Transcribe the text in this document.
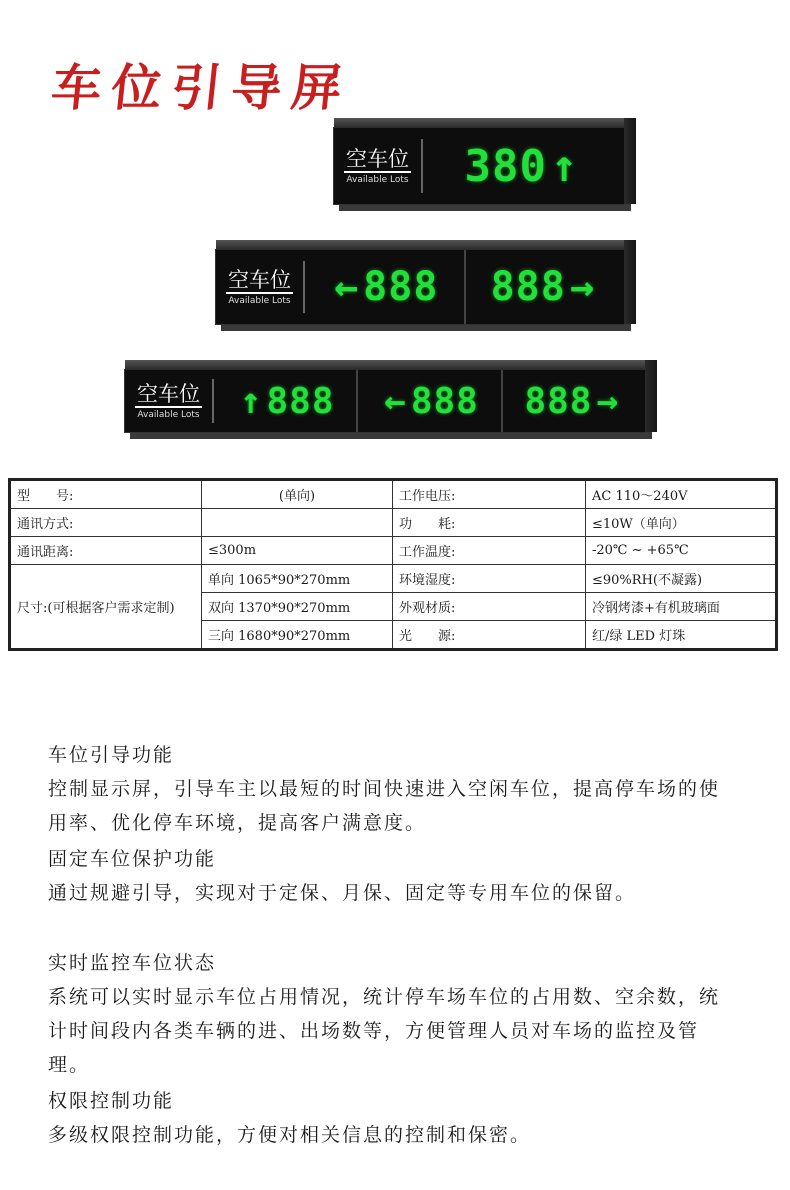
车位引导屏
空车位
Available Lots 380 ↑
空车位
Available Lots ← 888 888 →
空车位
Available Lots ↑ 888 ← 888 888 →
型　　号:	(单向)	工作电压:	AC 110～240V
通讯方式:		功　　耗:	≤10W（单向）
通讯距离:	≤300m	工作温度:	-20℃ ~ +65℃
尺寸:(可根据客户需求定制)	单向 1065*90*270mm	环境湿度:	≤90%RH(不凝露)
	双向 1370*90*270mm	外观材质:	冷钢烤漆+有机玻璃面
	三向 1680*90*270mm	光　　源:	红/绿 LED 灯珠
车位引导功能

控制显示屏，引导车主以最短的时间快速进入空闲车位，提高停车场的使用率、优化停车环境，提高客户满意度。

固定车位保护功能

通过规避引导，实现对于定保、月保、固定等专用车位的保留。

实时监控车位状态

系统可以实时显示车位占用情况，统计停车场车位的占用数、空余数，统计时间段内各类车辆的进、出场数等，方便管理人员对车场的监控及管理。

权限控制功能

多级权限控制功能，方便对相关信息的控制和保密。
